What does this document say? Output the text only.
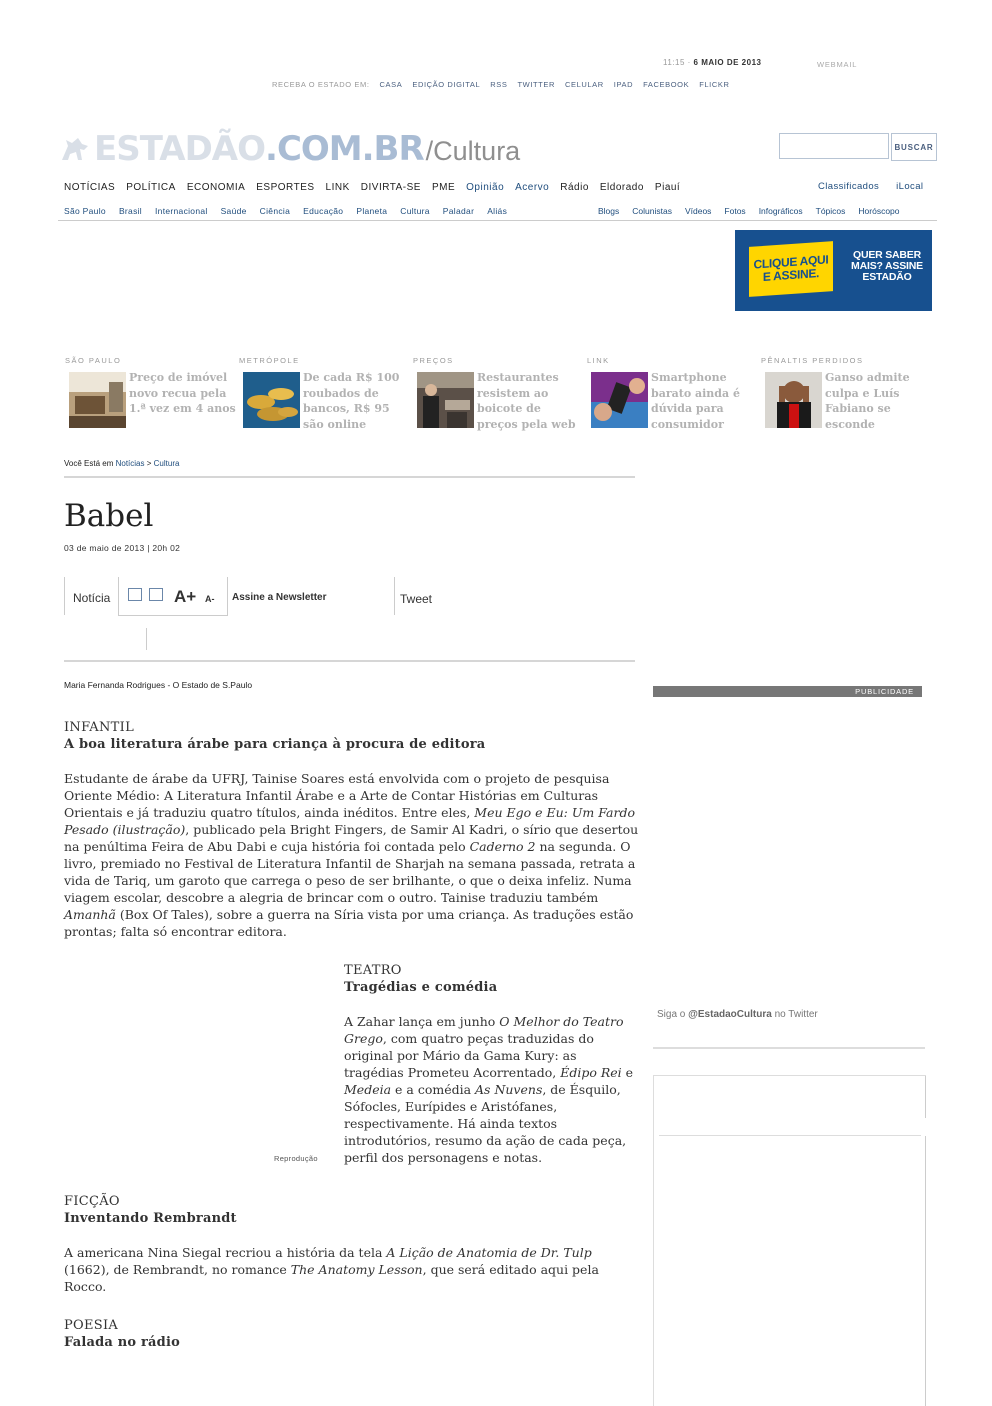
11:15 · 6 MAIO DE 2013	WEBMAIL
RECEBA O ESTADO EM: CASA EDIÇÃO DIGITAL RSS TWITTER CELULAR IPAD FACEBOOK FLICKR
ESTADÃO .COM.BR /Cultura	BUSCAR
NOTÍCIAS POLÍTICA ECONOMIA ESPORTES LINK DIVIRTA-SE PME Opinião Acervo Rádio Eldorado Piauí	Classificados iLocal
São Paulo Brasil Internacional Saúde Ciência Educação Planeta Cultura Paladar Aliás	Blogs Colunistas Vídeos Fotos Infográficos Tópicos Horóscopo
CLIQUE AQUI E ASSINE.
QUER SABER MAIS? ASSINE ESTADÃO
SÃO PAULO
Preço de imóvel novo recua pela 1.ª vez em 4 anos
METRÓPOLE
De cada R$ 100 roubados de bancos, R$ 95 são online
PREÇOS
Restaurantes resistem ao boicote de preços pela web
LINK
Smartphone barato ainda é dúvida para consumidor
PÊNALTIS PERDIDOS
Ganso admite culpa e Luís Fabiano se esconde
Você Está em Notícias > Cultura
Babel
03 de maio de 2013 | 20h 02
Notícia	A+ A- Assine a Newsletter	Tweet
Maria Fernanda Rodrigues - O Estado de S.Paulo
INFANTIL
A boa literatura árabe para criança à procura de editora

Estudante de árabe da UFRJ, Tainise Soares está envolvida com o projeto de pesquisa Oriente Médio: A Literatura Infantil Árabe e a Arte de Contar Histórias em Culturas Orientais e já traduziu quatro títulos, ainda inéditos. Entre eles, Meu Ego e Eu: Um Fardo Pesado (ilustração), publicado pela Bright Fingers, de Samir Al Kadri, o sírio que desertou na penúltima Feira de Abu Dabi e cuja história foi contada pelo Caderno 2 na segunda. O livro, premiado no Festival de Literatura Infantil de Sharjah na semana passada, retrata a vida de Tariq, um garoto que carrega o peso de ser brilhante, o que o deixa infeliz. Numa viagem escolar, descobre a alegria de brincar com o outro. Tainise traduziu também Amanhã (Box Of Tales), sobre a guerra na Síria vista por uma criança. As traduções estão prontas; falta só encontrar editora.

TEATRO
Tragédias e comédia

A Zahar lança em junho O Melhor do Teatro Grego, com quatro peças traduzidas do original por Mário da Gama Kury: as tragédias Prometeu Acorrentado, Édipo Rei e Medeia e a comédia As Nuvens, de Ésquilo, Sófocles, Eurípides e Aristófanes, respectivamente. Há ainda textos introdutórios, resumo da ação de cada peça, perfil dos personagens e notas.

Reprodução
FICÇÃO
Inventando Rembrandt

A americana Nina Siegal recriou a história da tela A Lição de Anatomia de Dr. Tulp (1662), de Rembrandt, no romance The Anatomy Lesson, que será editado aqui pela Rocco.

POESIA
Falada no rádio
PUBLICIDADE
Siga o @EstadaoCultura no Twitter
